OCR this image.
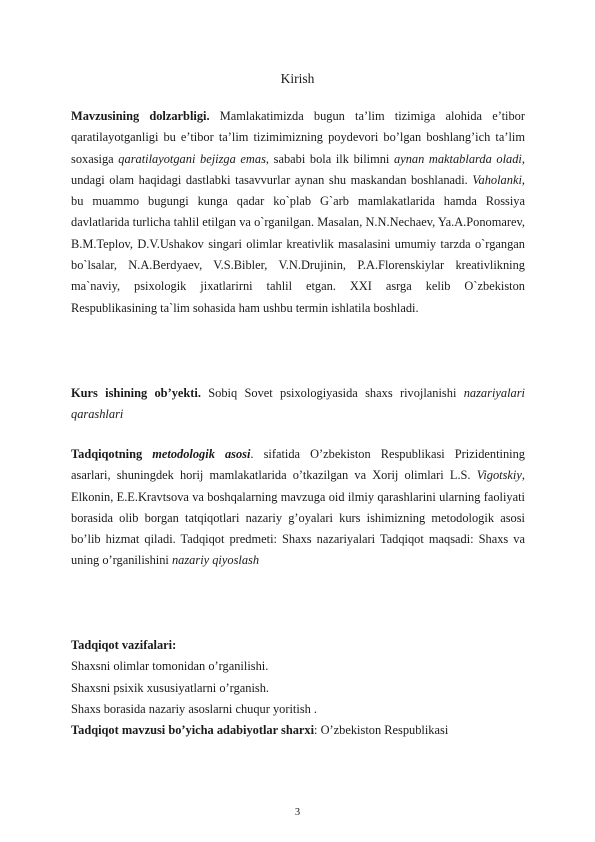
Kirish
Mavzusining dolzarbligi. Mamlakatimizda bugun ta’lim tizimiga alohida e’tibor qaratilayotganligi bu e’tibor ta’lim tizimimizning poydevori bo’lgan boshlang’ich ta’lim soxasiga qaratilayotgani bejizga emas, sababi bola ilk bilimni aynan maktablarda oladi, undagi olam haqidagi dastlabki tasavvurlar aynan shu maskandan boshlanadi. Vaholanki, bu muammo bugungi kunga qadar ko`plab G`arb mamlakatlarida hamda Rossiya davlatlarida turlicha tahlil etilgan va o`rganilgan. Masalan, N.N.Nechaev, Ya.A.Ponomarev, B.M.Teplov, D.V.Ushakov singari olimlar kreativlik masalasini umumiy tarzda o`rgangan bo`lsalar, N.A.Berdyaev, V.S.Bibler, V.N.Drujinin, P.A.Florenskiylar kreativlikning ma`naviy, psixologik jixatlarirni tahlil etgan. XXI asrga kelib O`zbekiston Respublikasining ta`lim sohasida ham ushbu termin ishlatila boshladi.
Kurs ishining ob’yekti. Sobiq Sovet psixologiyasida shaxs rivojlanishi nazariyalari qarashlari
Tadqiqotning metodologik asosi. sifatida O’zbekiston Respublikasi Prizidentining asarlari, shuningdek horij mamlakatlarida o’tkazilgan va Xorij olimlari L.S. Vigotskiy, Elkonin, E.E.Kravtsova va boshqalarning mavzuga oid ilmiy qarashlarini ularning faoliyati borasida olib borgan tatqiqotlari nazariy g’oyalari kurs ishimizning metodologik asosi bo’lib hizmat qiladi. Tadqiqot predmeti: Shaxs nazariyalari Tadqiqot maqsadi: Shaxs va uning o’rganilishini nazariy qiyoslash
Tadqiqot vazifalari:
Shaxsni olimlar tomonidan o’rganilishi.
Shaxsni psixik xususiyatlarni o’rganish.
Shaxs borasida nazariy asoslarni chuqur yoritish .
Tadqiqot mavzusi bo’yicha adabiyotlar sharxi: O’zbekiston Respublikasi
3
